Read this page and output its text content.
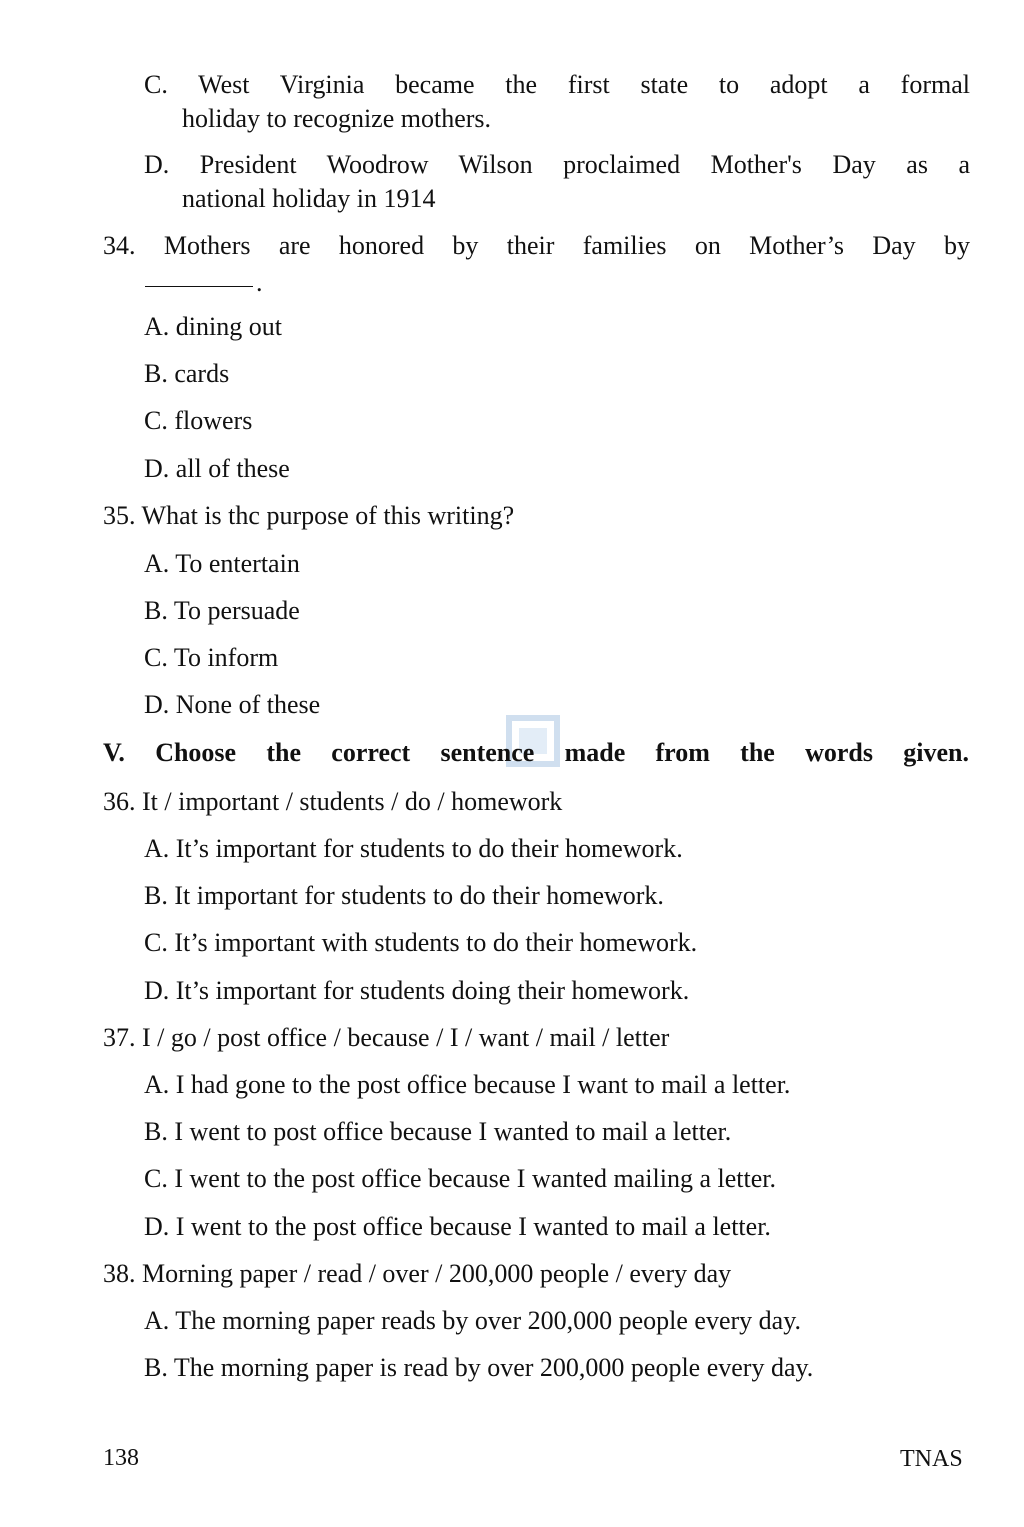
C. West Virginia became the first state to adopt a formal
holiday to recognize mothers.
D. President Woodrow Wilson proclaimed Mother's Day as a
national holiday in 1914
34. Mothers are honored by their families on Mother’s Day by
.
A. dining out
B. cards
C. flowers
D. all of these
35. What is thc purpose of this writing?
A. To entertain
B. To persuade
C. To inform
D. None of these
V. Choose the correct sentence made from the words given.
36. It / important / students / do / homework
A. It’s important for students to do their homework.
B. It important for students to do their homework.
C. It’s important with students to do their homework.
D. It’s important for students doing their homework.
37. I / go / post office / because / I / want / mail / letter
A. I had gone to the post office because I want to mail a letter.
B. I went to post office because I wanted to mail a letter.
C. I went to the post office because I wanted mailing a letter.
D. I went to the post office because I wanted to mail a letter.
38. Morning paper / read / over / 200,000 people / every day
A. The morning paper reads by over 200,000 people every day.
B. The morning paper is read by over 200,000 people every day.
138	TNAS
